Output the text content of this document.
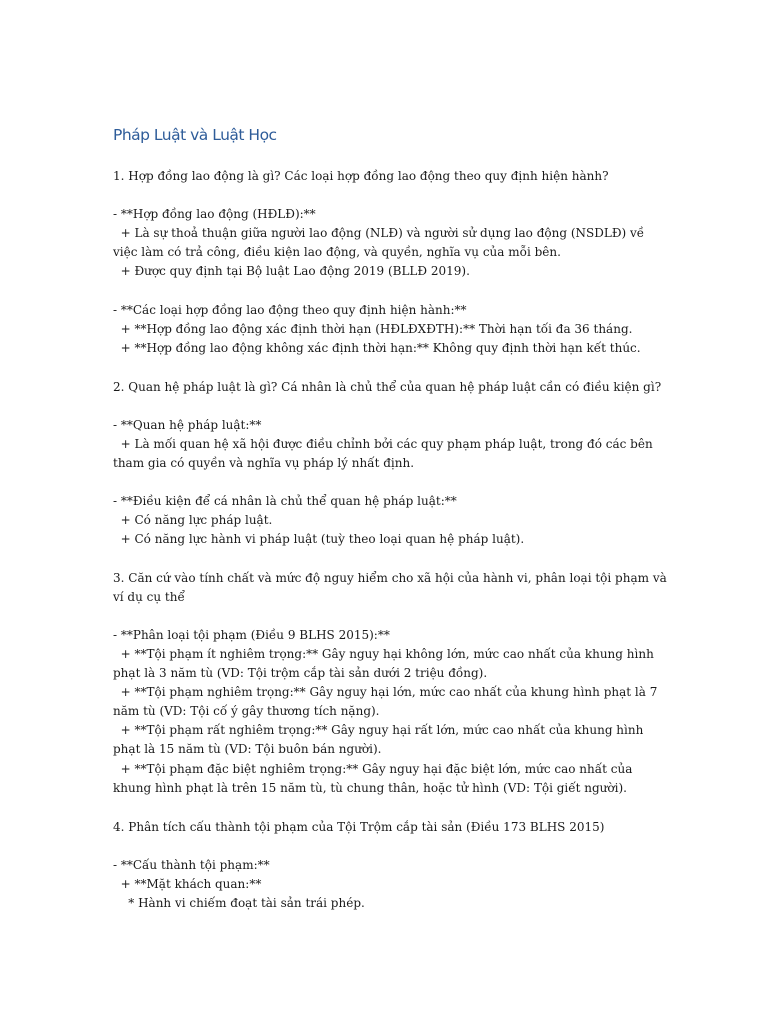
Pháp Luật và Luật Học

1. Hợp đồng lao động là gì? Các loại hợp đồng lao động theo quy định hiện hành?

- **Hợp đồng lao động (HĐLĐ):**

+ Là sự thoả thuận giữa người lao động (NLĐ) và người sử dụng lao động (NSDLĐ) về

việc làm có trả công, điều kiện lao động, và quyền, nghĩa vụ của mỗi bên.

+ Được quy định tại Bộ luật Lao động 2019 (BLLĐ 2019).

- **Các loại hợp đồng lao động theo quy định hiện hành:**

+ **Hợp đồng lao động xác định thời hạn (HĐLĐXĐTH):** Thời hạn tối đa 36 tháng.

+ **Hợp đồng lao động không xác định thời hạn:** Không quy định thời hạn kết thúc.

2. Quan hệ pháp luật là gì? Cá nhân là chủ thể của quan hệ pháp luật cần có điều kiện gì?

- **Quan hệ pháp luật:**

+ Là mối quan hệ xã hội được điều chỉnh bởi các quy phạm pháp luật, trong đó các bên

tham gia có quyền và nghĩa vụ pháp lý nhất định.

- **Điều kiện để cá nhân là chủ thể quan hệ pháp luật:**

+ Có năng lực pháp luật.

+ Có năng lực hành vi pháp luật (tuỳ theo loại quan hệ pháp luật).

3. Căn cứ vào tính chất và mức độ nguy hiểm cho xã hội của hành vi, phân loại tội phạm và

ví dụ cụ thể

- **Phân loại tội phạm (Điều 9 BLHS 2015):**

+ **Tội phạm ít nghiêm trọng:** Gây nguy hại không lớn, mức cao nhất của khung hình

phạt là 3 năm tù (VD: Tội trộm cắp tài sản dưới 2 triệu đồng).

+ **Tội phạm nghiêm trọng:** Gây nguy hại lớn, mức cao nhất của khung hình phạt là 7

năm tù (VD: Tội cố ý gây thương tích nặng).

+ **Tội phạm rất nghiêm trọng:** Gây nguy hại rất lớn, mức cao nhất của khung hình

phạt là 15 năm tù (VD: Tội buôn bán người).

+ **Tội phạm đặc biệt nghiêm trọng:** Gây nguy hại đặc biệt lớn, mức cao nhất của

khung hình phạt là trên 15 năm tù, tù chung thân, hoặc tử hình (VD: Tội giết người).

4. Phân tích cấu thành tội phạm của Tội Trộm cắp tài sản (Điều 173 BLHS 2015)

- **Cấu thành tội phạm:**

+ **Mặt khách quan:**

* Hành vi chiếm đoạt tài sản trái phép.
